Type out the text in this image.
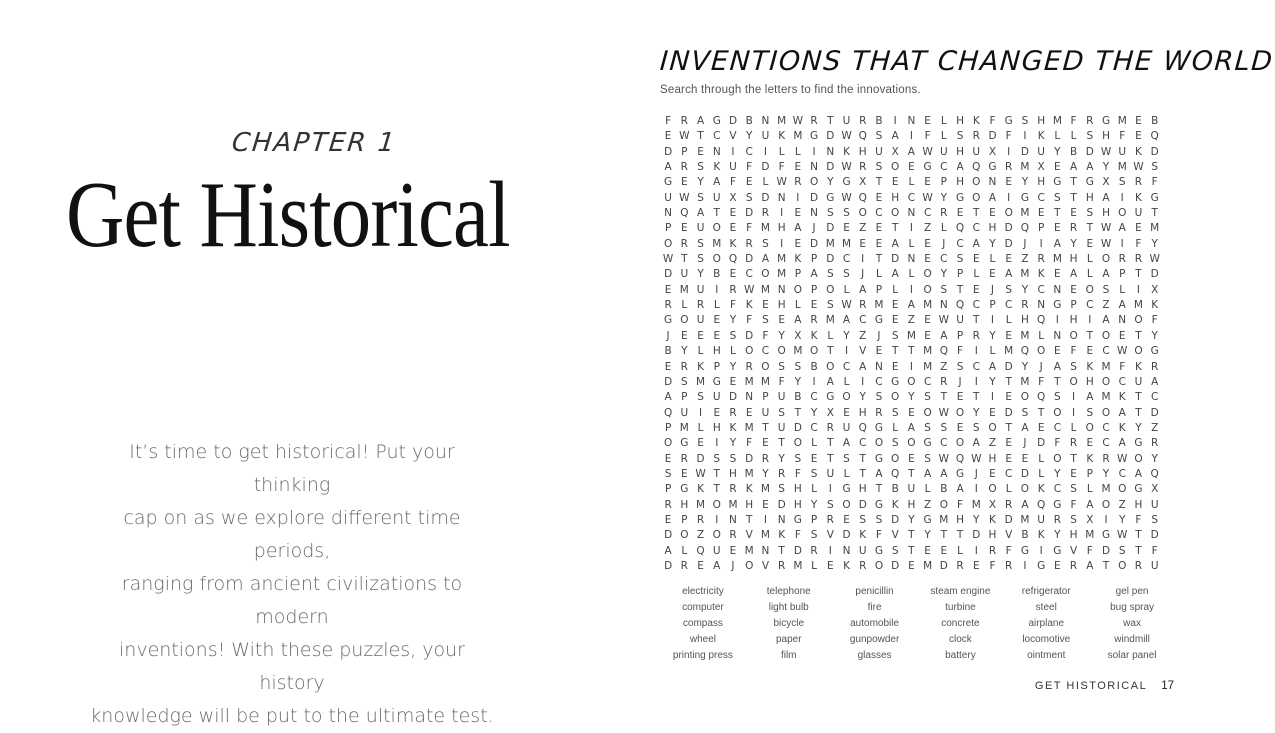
CHAPTER 1
Get Historical
It’s time to get historical! Put your thinking
cap on as we explore different time periods,
ranging from ancient civilizations to modern
inventions! With these puzzles, your history
knowledge will be put to the ultimate test.
INVENTIONS THAT CHANGED THE WORLD
Search through the letters to find the innovations.
F R A G D B N M W R T U R B	I	N E L H K F G S H M F R G M E B
E W T C V Y U K M G D W Q S A	I	F L S R D F	I	K L L S H F E Q
D P E N	I	C	I	L L	I	N K H U X A W U H U X	I	D U Y B D W U K D
A R S K U F D F E N D W R S O E G C A Q G R M X E A A Y M W S
G E Y A F E L W R O Y G X T E L E P H O N E Y H G T G X S R F
U W S U X S D N	I	D G W Q E H C W Y G O A	I	G C S T H A	I	K G
N Q A T E D R	I	E N S S O C O N C R E T E O M E T E S H O U T
P E U O E F M H A	J	D E Z E T	I	Z L Q C H D Q P E R T W A E M
O R S M K R S	I	E D M M E E A L E	J	C A Y D	J	I	A Y E W I	F Y
W T S O Q D A M K P D C	I	T D N E C S E L E Z R M H L O R R W
D U Y B E C O M P A S S	J	L A L O Y P L E A M K E A L A P T D
E M U	I	R W M N O P O L A P L	I	O S T E	J	S Y C N E O S L	I	X
R L R L F K E H L E S W R M E A M N Q C P C R N G P C Z A M K
G O U E Y F S E A R M A C G E Z E W U T	I	L H Q	I	H	I	A N O F
J	E E E S D F Y X K L Y Z	J	S M E A P R Y E M L N O T O E T Y
B Y L H L O C O M O T	I	V E T T M Q F	I	L M Q O E F E C W O G
E R K P Y R O S S B O C A N E	I M Z S C A D Y	J	A S K M F K R
D S M G E M M F Y	I	A L	I	C G O C R	J	I	Y T M F T O H O C U A
A P S U D N P U B C G O Y S O Y S T E T	I	E O Q S	I	A M K T C
Q U	I	E R E U S T Y X E H R S E O W O Y E D S T O	I	S O A T D
P M L H K M T U D C R U Q G L A S S E S O T A E C L O C K Y Z
O G E	I	Y F E T O L T A C O S O G C O A Z E	J	D F R E C A G R
E R D S S D R Y S E T S T G O E S W Q W H E E L O T K R W O Y
S E W T H M Y R F S U L T A Q T A A G	J	E C D L Y E P Y C A Q
P G K T R K M S H L	I	G H T B U L B A	I	O L O K C S L M O G X
R H M O M H E D H Y S O D G K H Z O F M X R A Q G F A O Z H U
E P R	I	N T	I	N G P R E S S D Y G M H Y K D M U R S X	I	Y F S
D O Z O R V M K F S V D K F V T Y T T D H V B K Y H M G W T D
A L Q U E M N T D R	I	N U G S T E E L	I	R F G	I	G V F D S T F
D R E A	J	O V R M L E K R O D E M D R E F R	I	G E R A T O R U
electricity	telephone	penicillin	steam engine	refrigerator	gel pen
computer	light bulb	fire	turbine	steel	bug spray
compass	bicycle	automobile	concrete	airplane	wax
wheel	paper	gunpowder	clock	locomotive	windmill
printing press	film	glasses	battery	ointment	solar panel
GET HISTORICAL 17
